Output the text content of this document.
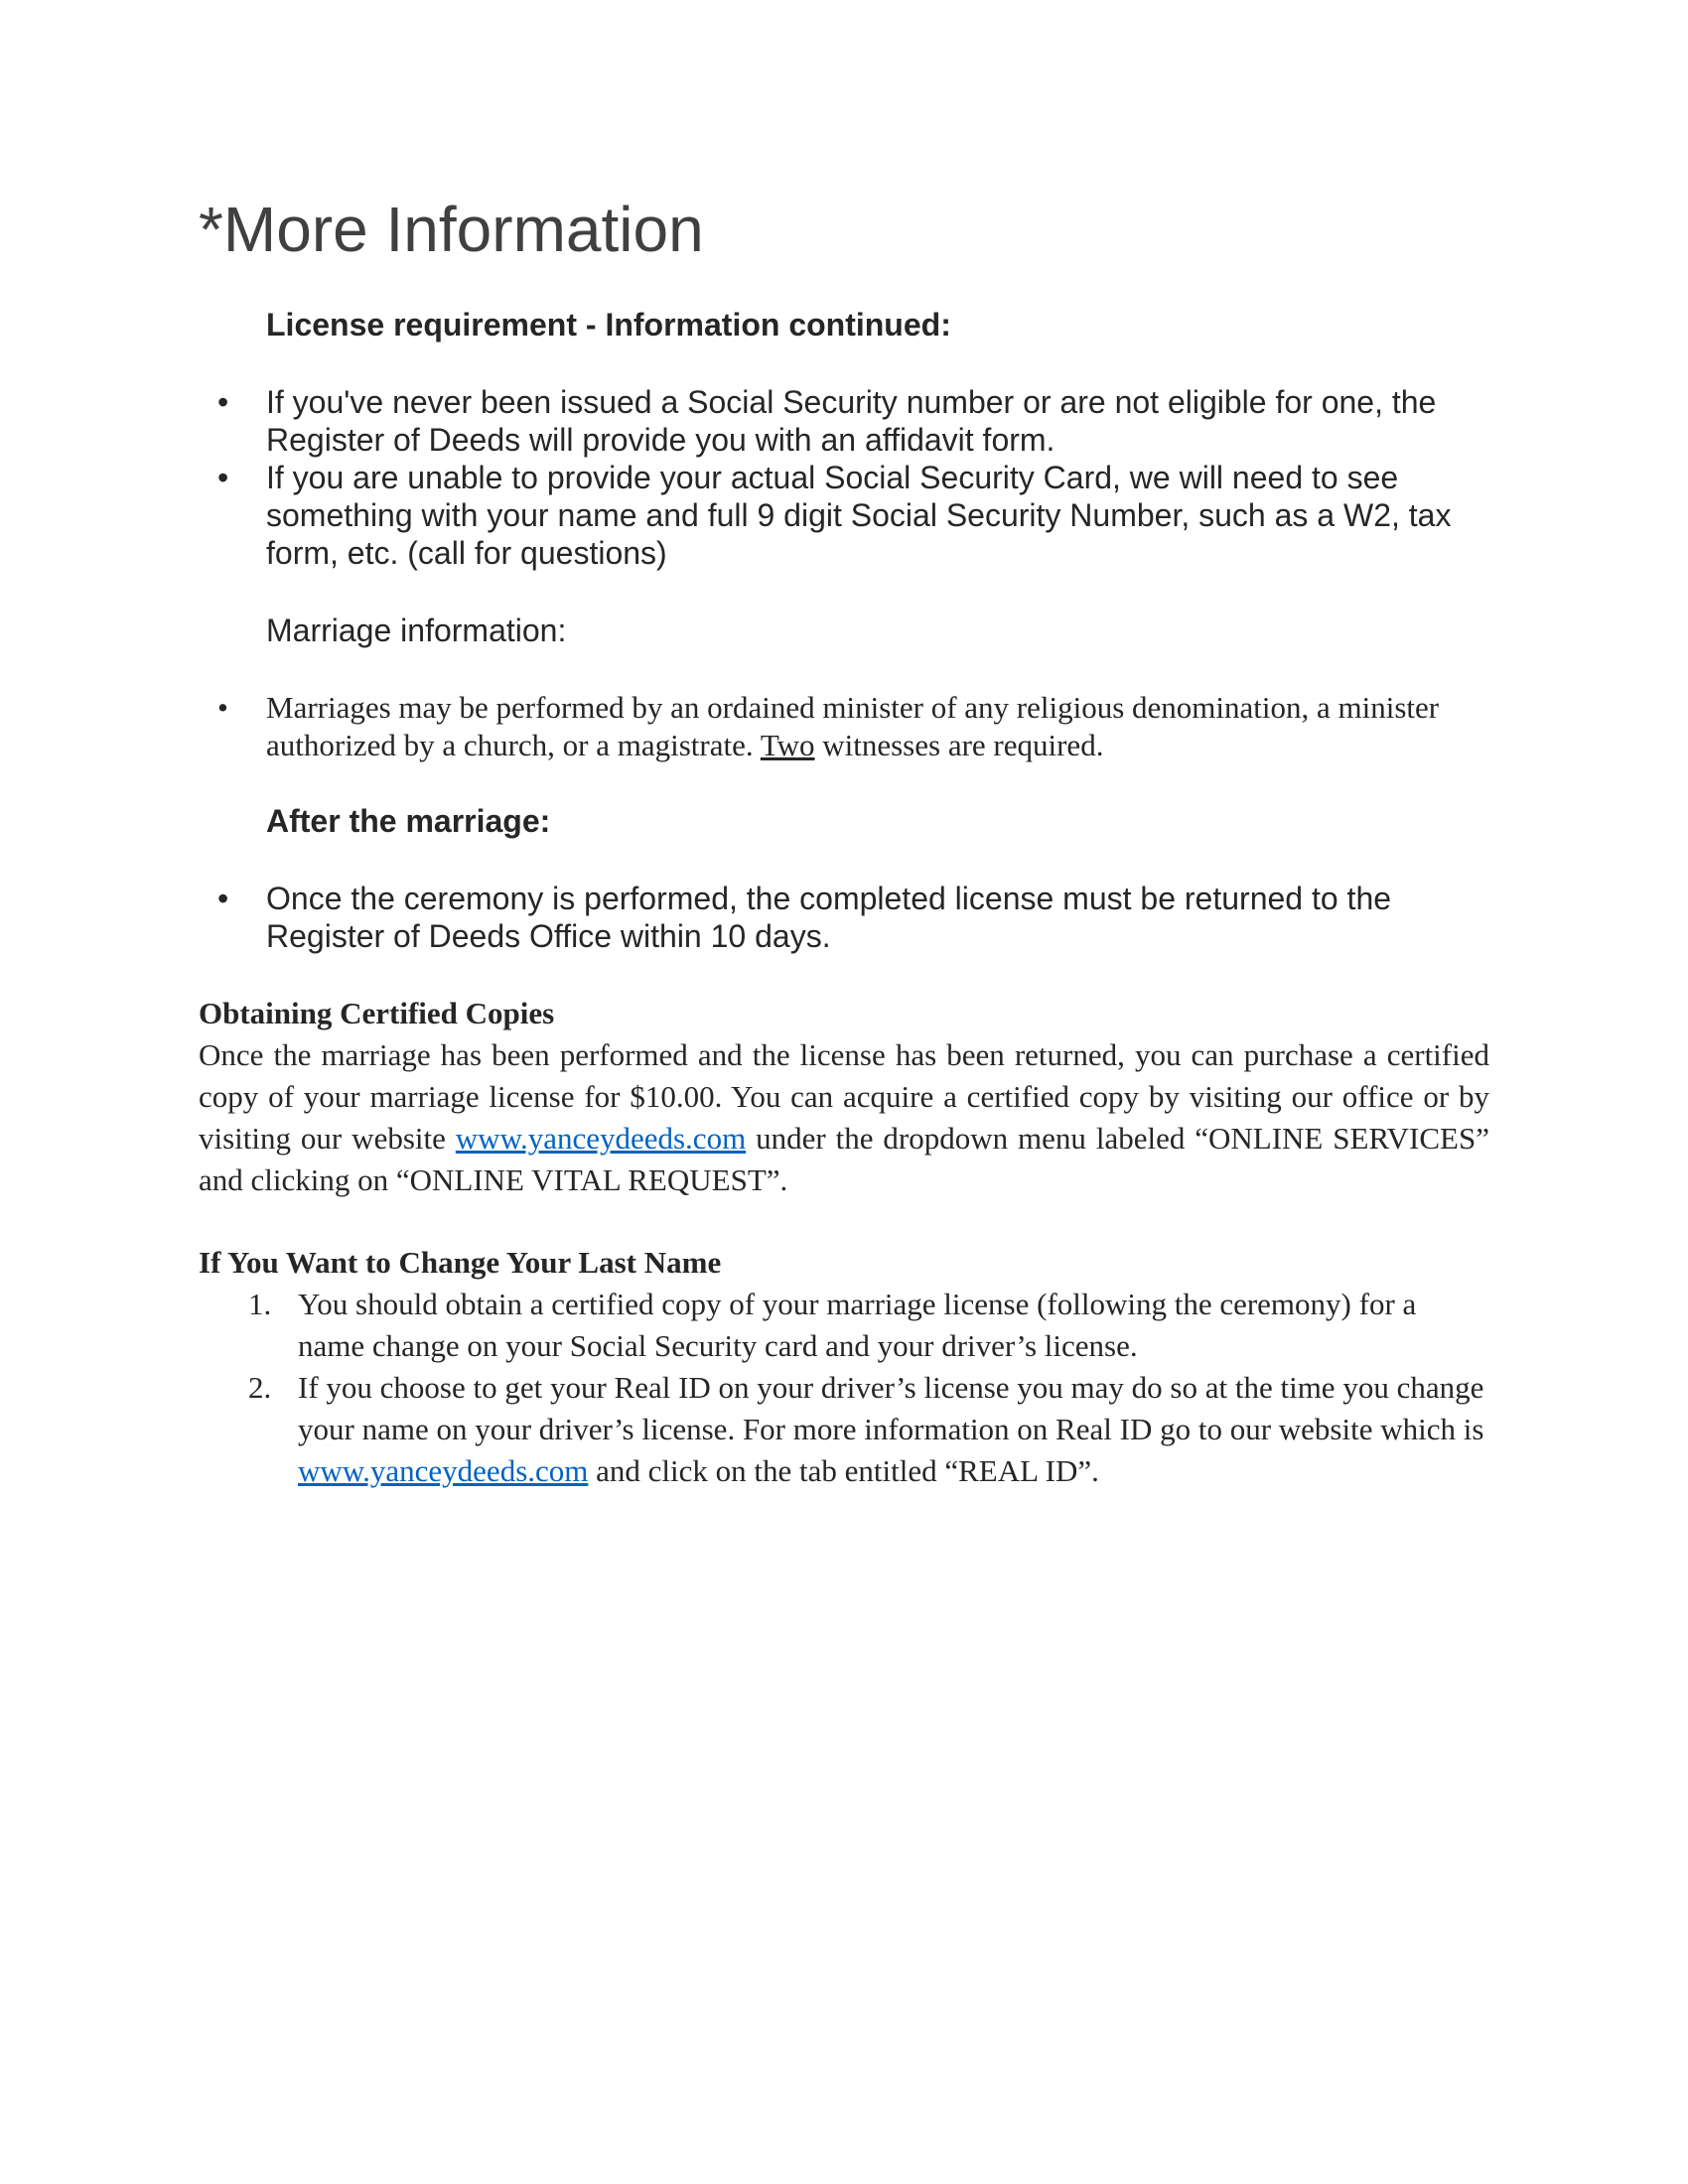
*More Information

License requirement - Information continued:

• If you've never been issued a Social Security number or are not eligible for one, the Register of Deeds will provide you with an affidavit form.
• If you are unable to provide your actual Social Security Card, we will need to see something with your name and full 9 digit Social Security Number, such as a W2, tax form, etc. (call for questions)

Marriage information:

• Marriages may be performed by an ordained minister of any religious denomination, a minister authorized by a church, or a magistrate. Two witnesses are required.

After the marriage:

• Once the ceremony is performed, the completed license must be returned to the Register of Deeds Office within 10 days.

Obtaining Certified Copies

Once the marriage has been performed and the license has been returned, you can purchase a certified copy of your marriage license for $10.00. You can acquire a certified copy by visiting our office or by visiting our website www.yanceydeeds.com under the dropdown menu labeled “ONLINE SERVICES” and clicking on “ONLINE VITAL REQUEST”.

If You Want to Change Your Last Name

1. You should obtain a certified copy of your marriage license (following the ceremony) for a name change on your Social Security card and your driver’s license.
2. If you choose to get your Real ID on your driver’s license you may do so at the time you change your name on your driver’s license. For more information on Real ID go to our website which is www.yanceydeeds.com and click on the tab entitled “REAL ID”.
